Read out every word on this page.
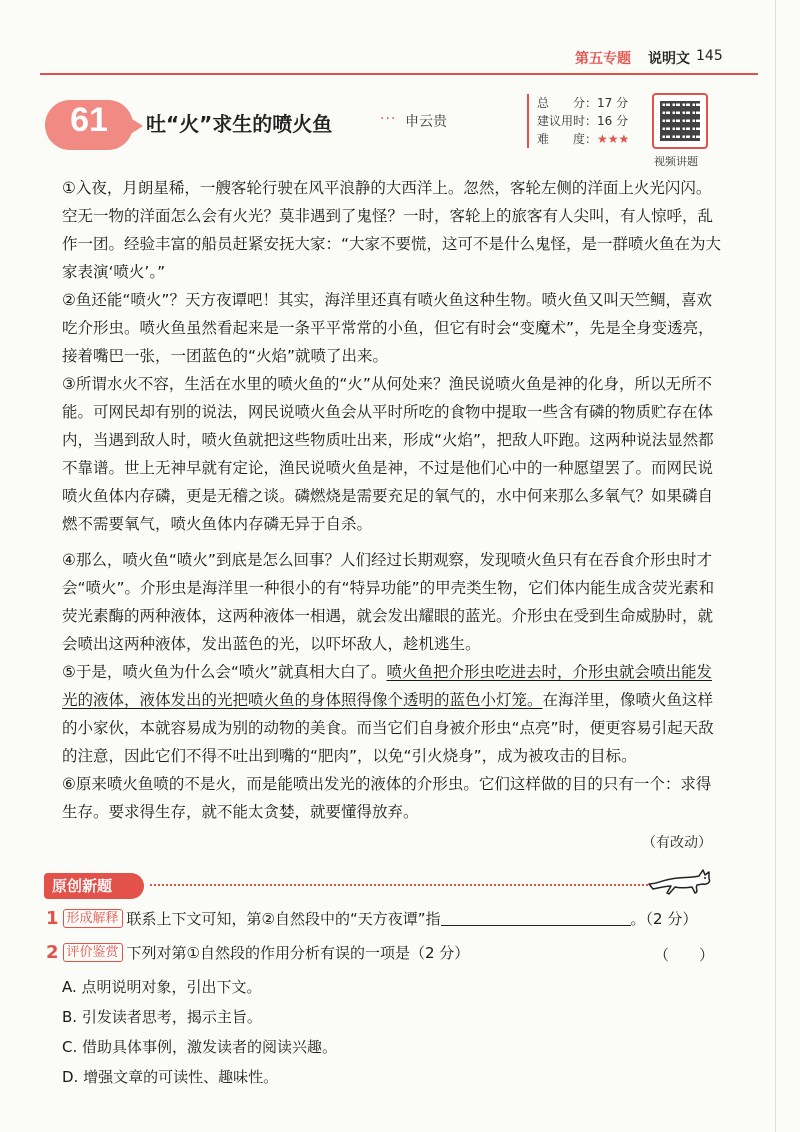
第五专题 说明文 145
61	吐“火”求生的喷火鱼	··· 申云贵
总　　分：17 分
建议用时：16 分
难　　度：★★★
视频讲题

①入夜，月朗星稀，一艘客轮行驶在风平浪静的大西洋上。忽然，客轮左侧的洋面上火光闪闪。空无一物的洋面怎么会有火光？莫非遇到了鬼怪？一时，客轮上的旅客有人尖叫，有人惊呼，乱作一团。经验丰富的船员赶紧安抚大家：“大家不要慌，这可不是什么鬼怪，是一群喷火鱼在为大家表演‘喷火’。”

②鱼还能“喷火”？天方夜谭吧！其实，海洋里还真有喷火鱼这种生物。喷火鱼又叫天竺鲷，喜欢吃介形虫。喷火鱼虽然看起来是一条平平常常的小鱼，但它有时会“变魔术”，先是全身变透亮，接着嘴巴一张，一团蓝色的“火焰”就喷了出来。

③所谓水火不容，生活在水里的喷火鱼的“火”从何处来？渔民说喷火鱼是神的化身，所以无所不能。可网民却有别的说法，网民说喷火鱼会从平时所吃的食物中提取一些含有磷的物质贮存在体内，当遇到敌人时，喷火鱼就把这些物质吐出来，形成“火焰”，把敌人吓跑。这两种说法显然都不靠谱。世上无神早就有定论，渔民说喷火鱼是神，不过是他们心中的一种愿望罢了。而网民说喷火鱼体内存磷，更是无稽之谈。磷燃烧是需要充足的氧气的，水中何来那么多氧气？如果磷自燃不需要氧气，喷火鱼体内存磷无异于自杀。

④那么，喷火鱼“喷火”到底是怎么回事？人们经过长期观察，发现喷火鱼只有在吞食介形虫时才会“喷火”。介形虫是海洋里一种很小的有“特异功能”的甲壳类生物，它们体内能生成含荧光素和荧光素酶的两种液体，这两种液体一相遇，就会发出耀眼的蓝光。介形虫在受到生命威胁时，就会喷出这两种液体，发出蓝色的光，以吓坏敌人，趁机逃生。

⑤于是，喷火鱼为什么会“喷火”就真相大白了。喷火鱼把介形虫吃进去时，介形虫就会喷出能发光的液体，液体发出的光把喷火鱼的身体照得像个透明的蓝色小灯笼。在海洋里，像喷火鱼这样的小家伙，本就容易成为别的动物的美食。而当它们自身被介形虫“点亮”时，便更容易引起天敌的注意，因此它们不得不吐出到嘴的“肥肉”，以免“引火烧身”，成为被攻击的目标。

⑥原来喷火鱼喷的不是火，而是能喷出发光的液体的介形虫。它们这样做的目的只有一个：求得生存。要求得生存，就不能太贪婪，就要懂得放弃。

（有改动）
原创新题
1 形成解释 联系上下文可知，第②自然段中的“天方夜谭”指	。（2 分）
2 评价鉴赏 下列对第①自然段的作用分析有误的一项是（2 分）	（　　）
A. 点明说明对象，引出下文。
B. 引发读者思考，揭示主旨。
C. 借助具体事例，激发读者的阅读兴趣。
D. 增强文章的可读性、趣味性。
